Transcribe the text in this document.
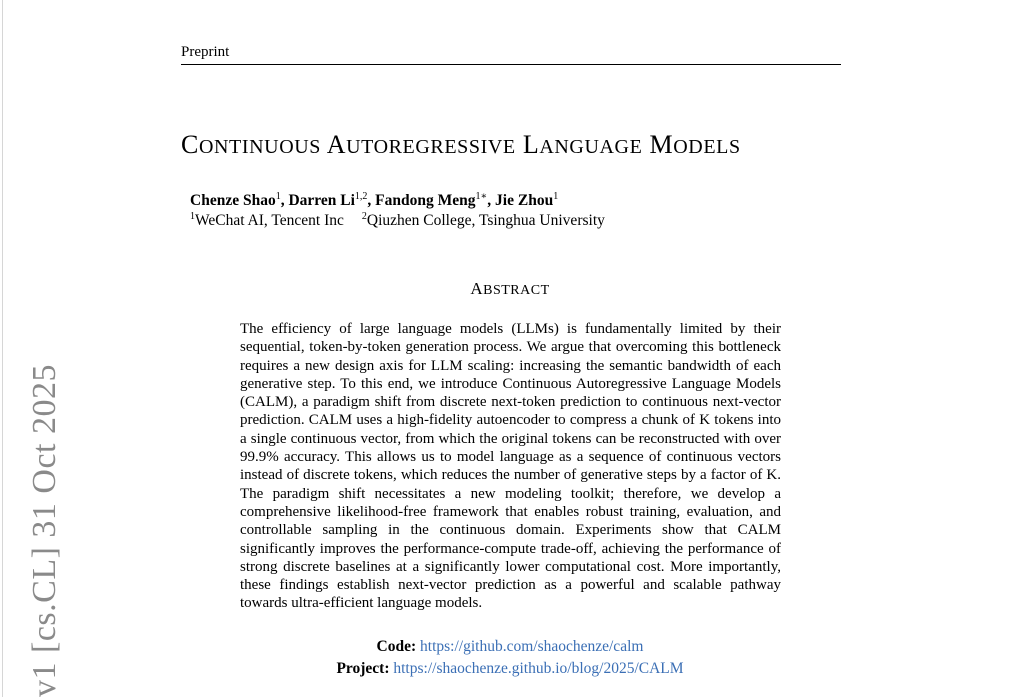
Preprint
CONTINUOUS AUTOREGRESSIVE LANGUAGE MODELS
Chenze Shao$^1$, Darren Li$^{1,2}$, Fandong Meng$^{1∗}$, Jie Zhou$^1$
$^1$WeChat AI, Tencent Inc $^2$Qiuzhen College, Tsinghua University
ABSTRACT
The efficiency of large language models (LLMs) is fundamentally limited by their sequential, token-by-token generation process. We argue that overcoming this bottleneck requires a new design axis for LLM scaling: increasing the semantic bandwidth of each generative step. To this end, we introduce Continuous Autoregressive Language Models (CALM), a paradigm shift from discrete next-token prediction to continuous next-vector prediction. CALM uses a high-fidelity autoencoder to compress a chunk of K tokens into a single continuous vector, from which the original tokens can be reconstructed with over 99.9% accuracy. This allows us to model language as a sequence of continuous vectors instead of discrete tokens, which reduces the number of generative steps by a factor of K. The paradigm shift necessitates a new modeling toolkit; therefore, we develop a comprehensive likelihood-free framework that enables robust training, evaluation, and controllable sampling in the continuous domain. Experiments show that CALM significantly improves the performance-compute trade-off, achieving the performance of strong discrete baselines at a significantly lower computational cost. More importantly, these findings establish next-vector prediction as a powerful and scalable pathway towards ultra-efficient language models.
Code: https://github.com/shaochenze/calm
Project: https://shaochenze.github.io/blog/2025/CALM
v1 [cs.CL] 31 Oct 2025
